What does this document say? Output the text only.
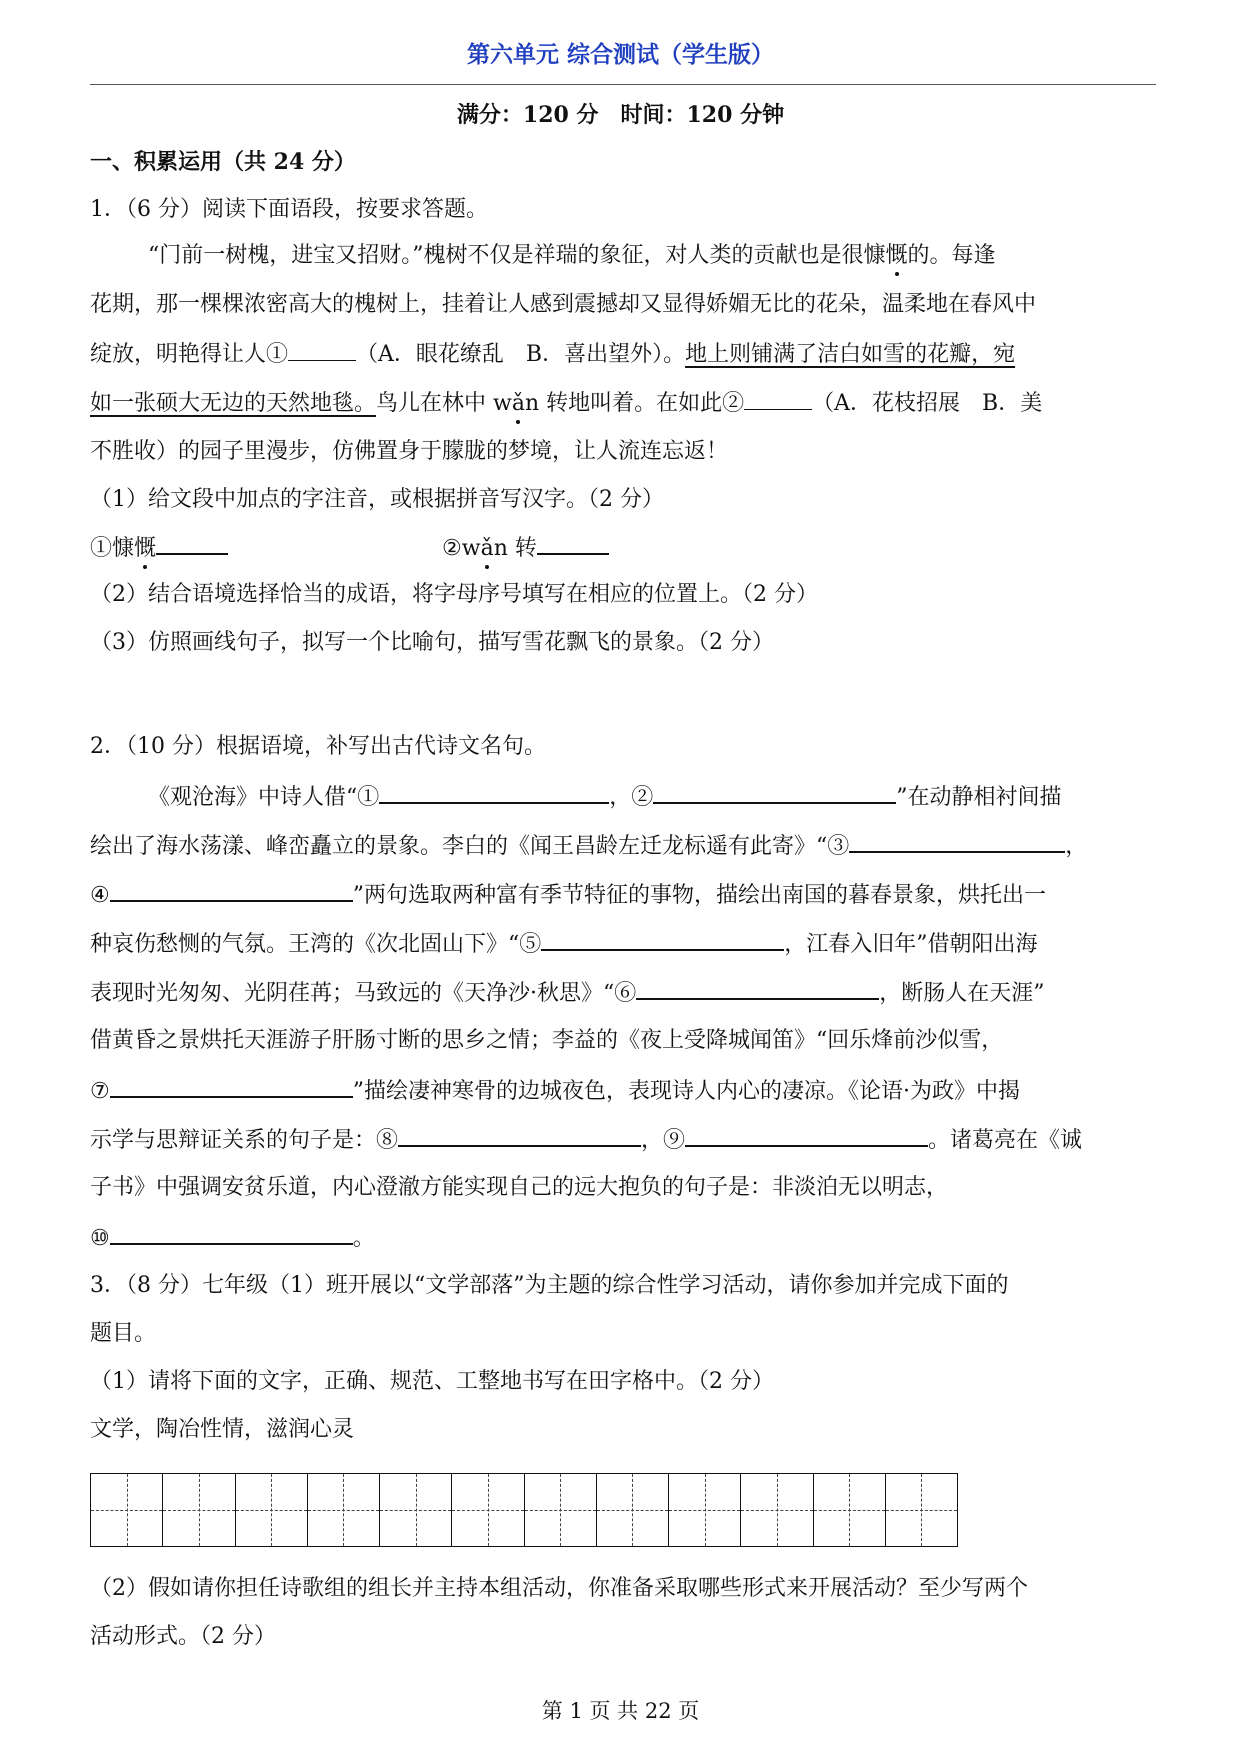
第六单元 综合测试（学生版）
满分：120 分　时间：120 分钟
一、积累运用（共 24 分）
1．（6 分）阅读下面语段，按要求答题。
“门前一树槐，进宝又招财。”槐树不仅是祥瑞的象征，对人类的贡献也是很慷慨的。每逢
花期，那一棵棵浓密高大的槐树上，挂着让人感到震撼却又显得娇媚无比的花朵，温柔地在春风中
绽放，明艳得让人①	（A．眼花缭乱　B．喜出望外）。地上则铺满了洁白如雪的花瓣，宛
如一张硕大无边的天然地毯。鸟儿在林中 wǎn 转地叫着。在如此②	（A．花枝招展　B．美
不胜收）的园子里漫步，仿佛置身于朦胧的梦境，让人流连忘返！
（1）给文段中加点的字注音，或根据拼音写汉字。（2 分）
①慷慨	②wǎn 转
（2）结合语境选择恰当的成语，将字母序号填写在相应的位置上。（2 分）
（3）仿照画线句子，拟写一个比喻句，描写雪花飘飞的景象。（2 分）
2．（10 分）根据语境，补写出古代诗文名句。
《观沧海》中诗人借“①	，②	”在动静相衬间描
绘出了海水荡漾、峰峦矗立的景象。李白的《闻王昌龄左迁龙标遥有此寄》“③	，
④	”两句选取两种富有季节特征的事物，描绘出南国的暮春景象，烘托出一
种哀伤愁恻的气氛。王湾的《次北固山下》“⑤	，江春入旧年”借朝阳出海
表现时光匆匆、光阴荏苒；马致远的《天净沙·秋思》“⑥	，断肠人在天涯”
借黄昏之景烘托天涯游子肝肠寸断的思乡之情；李益的《夜上受降城闻笛》“回乐烽前沙似雪，
⑦	”描绘凄神寒骨的边城夜色，表现诗人内心的凄凉。《论语·为政》中揭
示学与思辩证关系的句子是：⑧	，⑨	。诸葛亮在《诚
子书》中强调安贫乐道，内心澄澈方能实现自己的远大抱负的句子是：非淡泊无以明志，
⑩	。
3．（8 分）七年级（1）班开展以“文学部落”为主题的综合性学习活动，请你参加并完成下面的
题目。
（1）请将下面的文字，正确、规范、工整地书写在田字格中。（2 分）
文学，陶冶性情，滋润心灵
（2）假如请你担任诗歌组的组长并主持本组活动，你准备采取哪些形式来开展活动？至少写两个
活动形式。（2 分）
第 1 页 共 22 页
